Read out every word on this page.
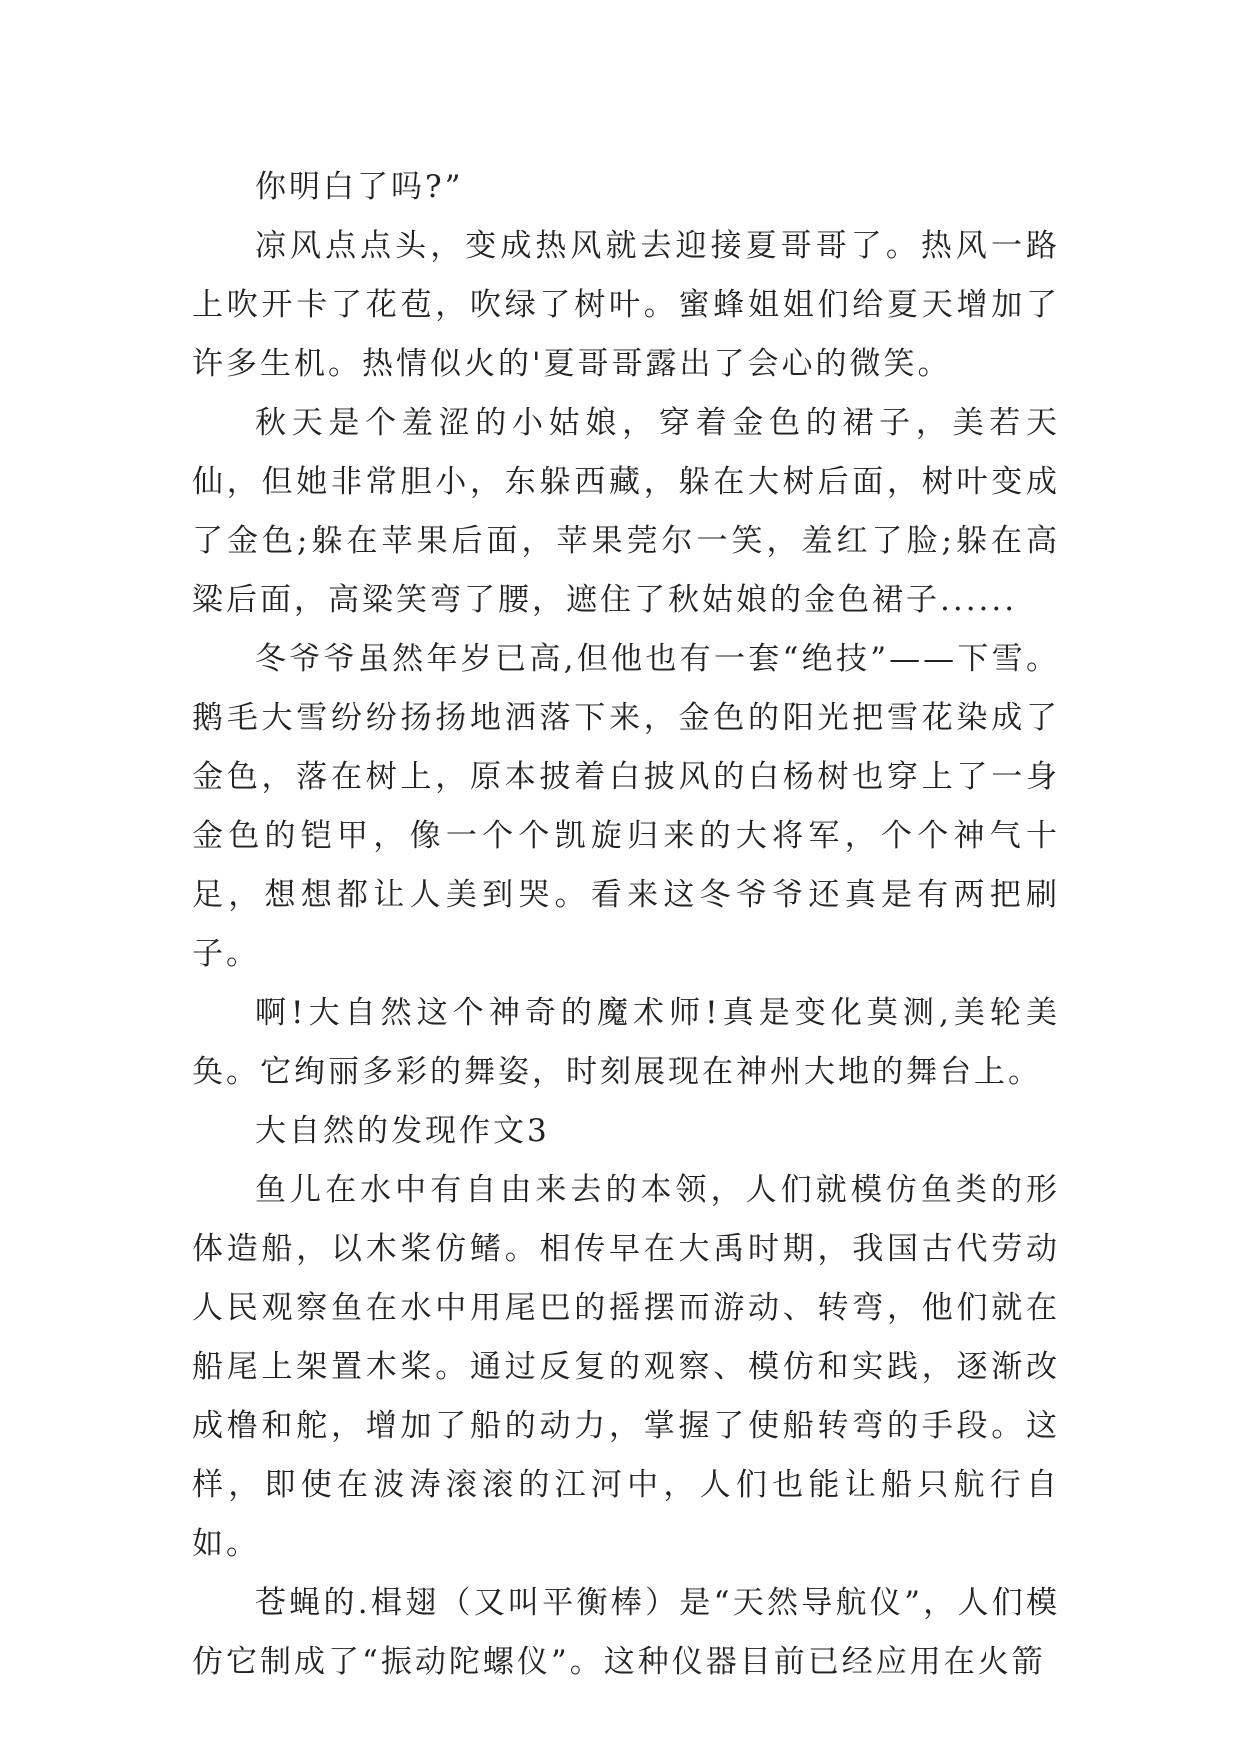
你明白了吗?”

凉风点点头，变成热风就去迎接夏哥哥了。热风一路上吹开卡了花苞，吹绿了树叶。蜜蜂姐姐们给夏天增加了许多生机。热情似火的'夏哥哥露出了会心的微笑。

秋天是个羞涩的小姑娘，穿着金色的裙子，美若天仙，但她非常胆小，东躲西藏，躲在大树后面，树叶变成了金色;躲在苹果后面，苹果莞尔一笑，羞红了脸;躲在高粱后面，高粱笑弯了腰，遮住了秋姑娘的金色裙子......

冬爷爷虽然年岁已高,但他也有一套“绝技”——下雪。鹅毛大雪纷纷扬扬地洒落下来，金色的阳光把雪花染成了金色，落在树上，原本披着白披风的白杨树也穿上了一身金色的铠甲，像一个个凯旋归来的大将军，个个神气十足，想想都让人美到哭。看来这冬爷爷还真是有两把刷子。

啊!大自然这个神奇的魔术师!真是变化莫测,美轮美奂。它绚丽多彩的舞姿，时刻展现在神州大地的舞台上。

大自然的发现作文3

鱼儿在水中有自由来去的本领，人们就模仿鱼类的形体造船，以木桨仿鳍。相传早在大禹时期，我国古代劳动人民观察鱼在水中用尾巴的摇摆而游动、转弯，他们就在船尾上架置木桨。通过反复的观察、模仿和实践，逐渐改成橹和舵，增加了船的动力，掌握了使船转弯的手段。这样，即使在波涛滚滚的江河中，人们也能让船只航行自如。

苍蝇的.楫翅（又叫平衡棒）是“天然导航仪”，人们模仿它制成了“振动陀螺仪”。这种仪器目前已经应用在火箭
